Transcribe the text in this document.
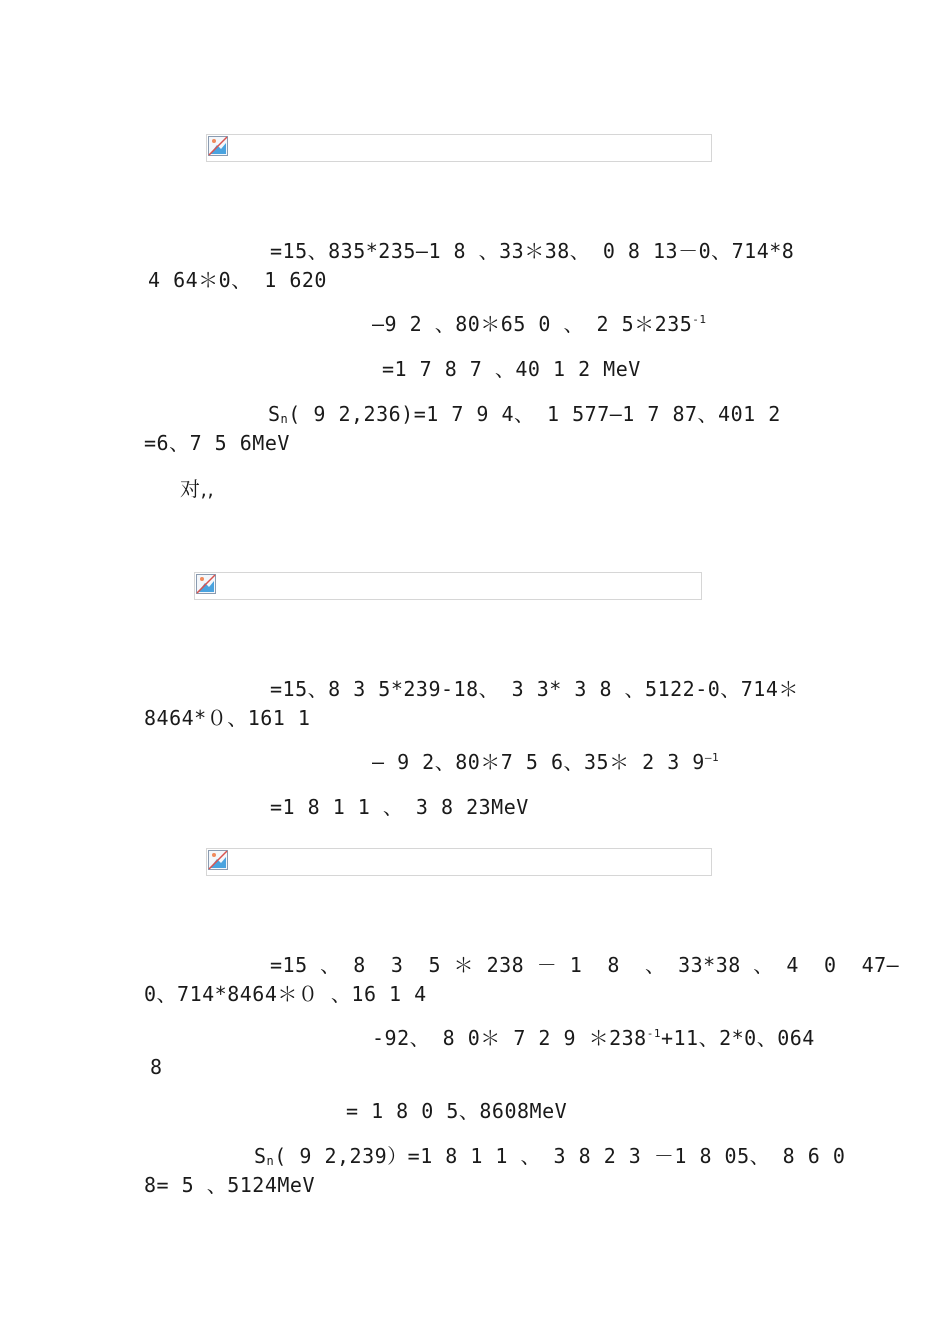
=15、835*235—1 8 、33＊38、 0 8 13－0、714*8
4 64＊0、 1 620
—9 2 、80＊65 0 、 2 $5*235^{-1}$
=1 7 8 7 、40 1 2 MeV
$S_n$( 9 2,236)=1 7 9 4、 1 577—1 7 87、401 2
=6、7 5 6MeV
对,,
=15、8 3 5*239-18、 3 3* 3 8 、5122-0、714＊
8464*０、161 1
— 9 2、80＊7 5 6、35＊ 2 3 $9^{—1}$
=1 8 1 1 、 3 8 23MeV
=15 、 8  3  5 ＊ 238 － 1  8  、 33*38 、 4  0  47—
0、714*8464＊０ 、16 1 4
-92、 8 0＊ 7 2 9 $*238^{-1}+11$、2*0、064
8
= 1 8 0 5、8608MeV
$S_n$( 9 2,239）=1 8 1 1 、 3 8 2 3 －1 8 05、 8 6 0
8= 5 、5124MeV
